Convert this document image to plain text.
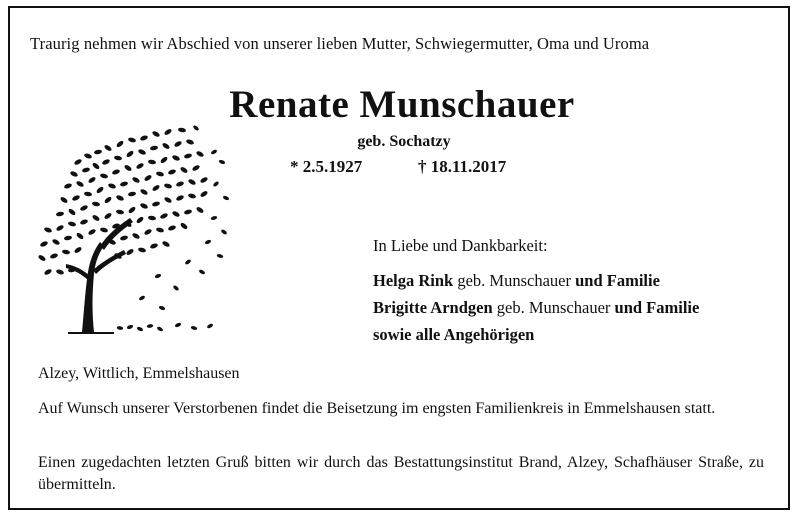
Traurig nehmen wir Abschied von unserer lieben Mutter, Schwiegermutter, Oma und Uroma
Renate Munschauer
geb. Sochatzy
* 2.5.1927	† 18.11.2017
In Liebe und Dankbarkeit:
Helga Rink geb. Munschauer und Familie
Brigitte Arndgen geb. Munschauer und Familie
sowie alle Angehörigen
Alzey, Wittlich, Emmelshausen
Auf Wunsch unserer Verstorbenen findet die Beisetzung im engsten Familienkreis in Emmelshausen statt.
Einen zugedachten letzten Gruß bitten wir durch das Bestattungsinstitut Brand, Alzey, Schafhäuser Straße, zu übermitteln.
